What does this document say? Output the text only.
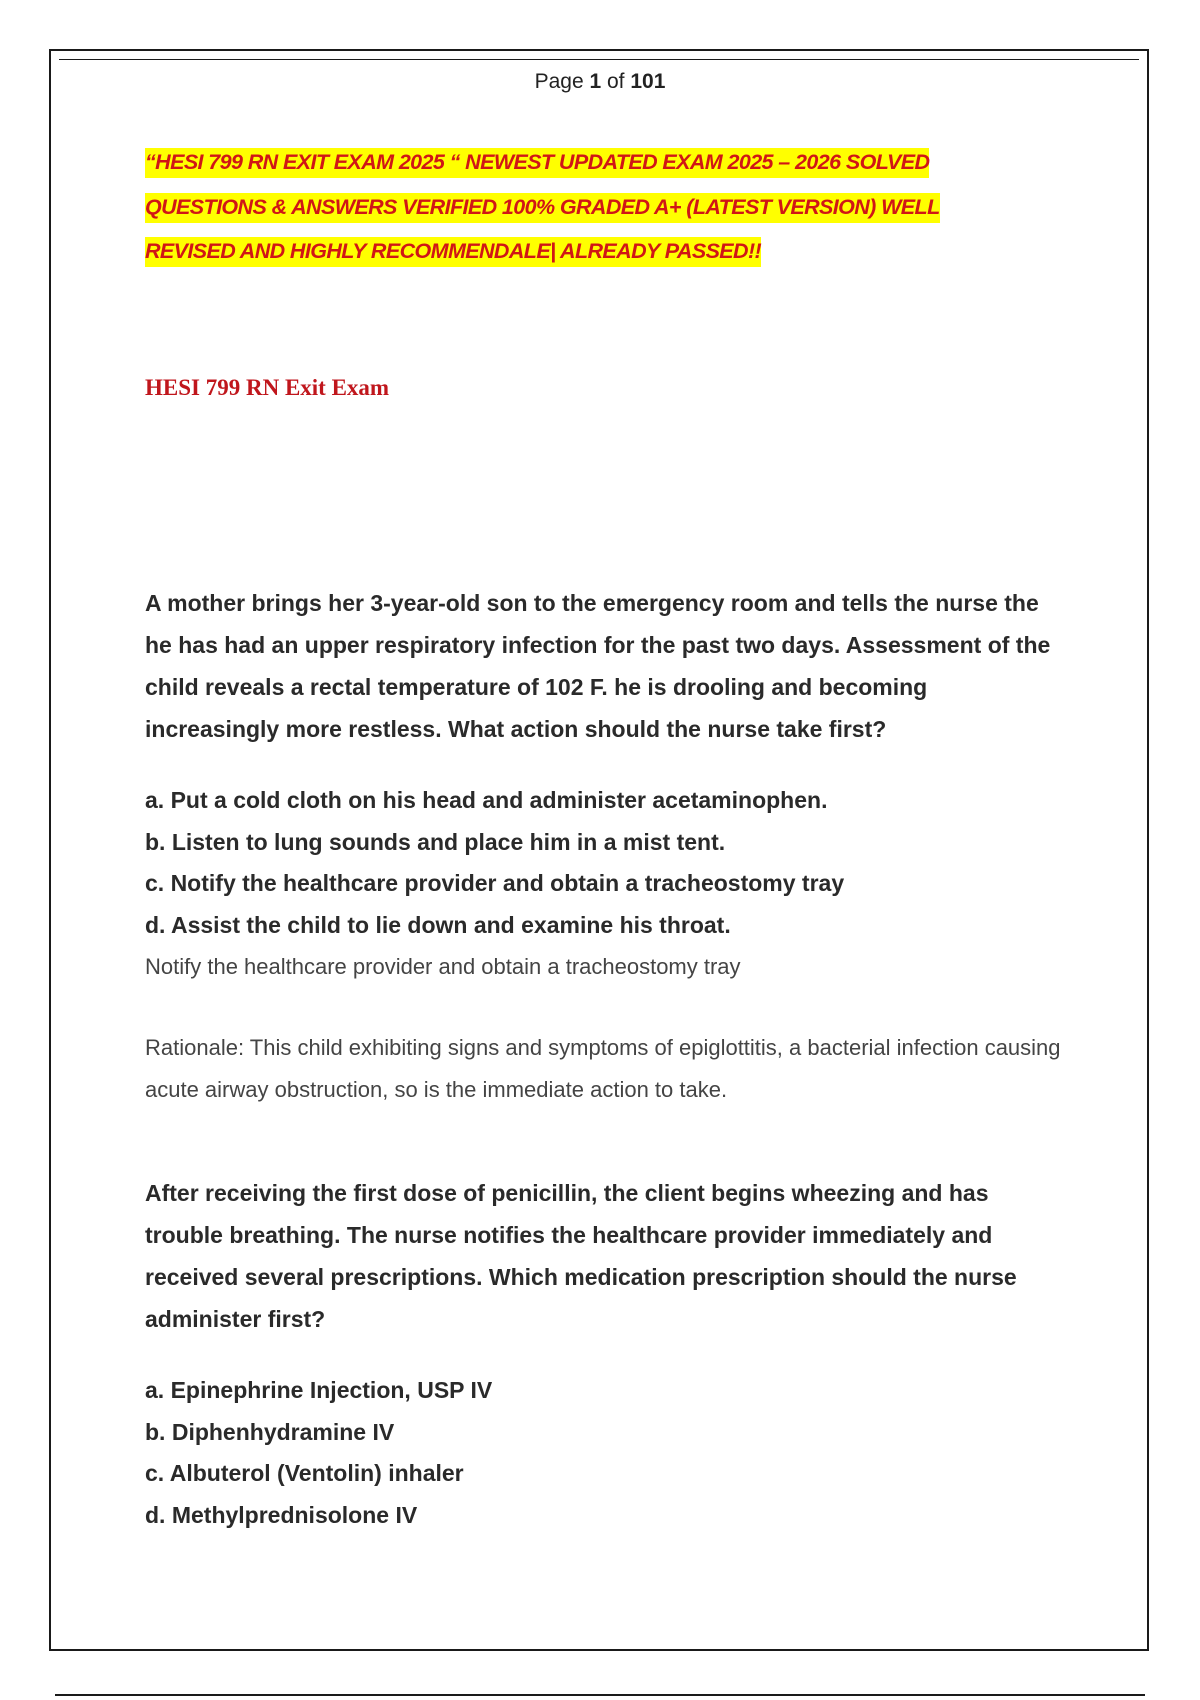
Page 1 of 101
“HESI 799 RN EXIT EXAM 2025 “ NEWEST UPDATED EXAM 2025 – 2026 SOLVED
QUESTIONS & ANSWERS VERIFIED 100% GRADED A+ (LATEST VERSION) WELL
REVISED AND HIGHLY RECOMMENDALE| ALREADY PASSED!!
HESI 799 RN Exit Exam
A mother brings her 3-year-old son to the emergency room and tells the nurse the he has had an upper respiratory infection for the past two days. Assessment of the child reveals a rectal temperature of 102 F. he is drooling and becoming increasingly more restless. What action should the nurse take first?
a. Put a cold cloth on his head and administer acetaminophen.
b. Listen to lung sounds and place him in a mist tent.
c. Notify the healthcare provider and obtain a tracheostomy tray
d. Assist the child to lie down and examine his throat.
Notify the healthcare provider and obtain a tracheostomy tray
Rationale: This child exhibiting signs and symptoms of epiglottitis, a bacterial infection causing acute airway obstruction, so is the immediate action to take.
After receiving the first dose of penicillin, the client begins wheezing and has trouble breathing. The nurse notifies the healthcare provider immediately and received several prescriptions. Which medication prescription should the nurse administer first?
a. Epinephrine Injection, USP IV
b. Diphenhydramine IV
c. Albuterol (Ventolin) inhaler
d. Methylprednisolone IV
